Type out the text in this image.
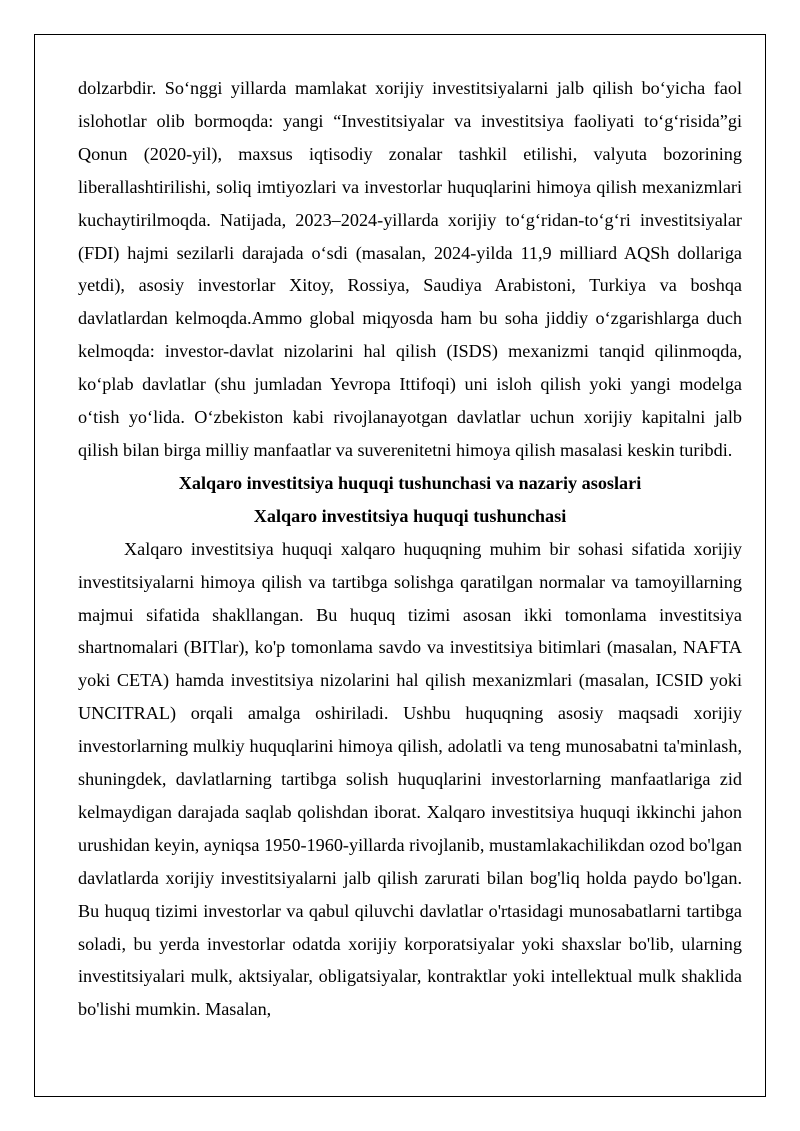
dolzarbdir. So‘nggi yillarda mamlakat xorijiy investitsiyalarni jalb qilish bo‘yicha faol islohotlar olib bormoqda: yangi “Investitsiyalar va investitsiya faoliyati to‘g‘risida”gi Qonun (2020-yil), maxsus iqtisodiy zonalar tashkil etilishi, valyuta bozorining liberallashtirilishi, soliq imtiyozlari va investorlar huquqlarini himoya qilish mexanizmlari kuchaytirilmoqda. Natijada, 2023–2024-yillarda xorijiy to‘g‘ridan-to‘g‘ri investitsiyalar (FDI) hajmi sezilarli darajada o‘sdi (masalan, 2024-yilda 11,9 milliard AQSh dollariga yetdi), asosiy investorlar Xitoy, Rossiya, Saudiya Arabistoni, Turkiya va boshqa davlatlardan kelmoqda.Ammo global miqyosda ham bu soha jiddiy o‘zgarishlarga duch kelmoqda: investor-davlat nizolarini hal qilish (ISDS) mexanizmi tanqid qilinmoqda, ko‘plab davlatlar (shu jumladan Yevropa Ittifoqi) uni isloh qilish yoki yangi modelga o‘tish yo‘lida. O‘zbekiston kabi rivojlanayotgan davlatlar uchun xorijiy kapitalni jalb qilish bilan birga milliy manfaatlar va suverenitetni himoya qilish masalasi keskin turibdi.

Xalqaro investitsiya huquqi tushunchasi va nazariy asoslari

Xalqaro investitsiya huquqi tushunchasi

Xalqaro investitsiya huquqi xalqaro huquqning muhim bir sohasi sifatida xorijiy investitsiyalarni himoya qilish va tartibga solishga qaratilgan normalar va tamoyillarning majmui sifatida shakllangan. Bu huquq tizimi asosan ikki tomonlama investitsiya shartnomalari (BITlar), ko'p tomonlama savdo va investitsiya bitimlari (masalan, NAFTA yoki CETA) hamda investitsiya nizolarini hal qilish mexanizmlari (masalan, ICSID yoki UNCITRAL) orqali amalga oshiriladi. Ushbu huquqning asosiy maqsadi xorijiy investorlarning mulkiy huquqlarini himoya qilish, adolatli va teng munosabatni ta'minlash, shuningdek, davlatlarning tartibga solish huquqlarini investorlarning manfaatlariga zid kelmaydigan darajada saqlab qolishdan iborat. Xalqaro investitsiya huquqi ikkinchi jahon urushidan keyin, ayniqsa 1950-1960-yillarda rivojlanib, mustamlakachilikdan ozod bo'lgan davlatlarda xorijiy investitsiyalarni jalb qilish zarurati bilan bog'liq holda paydo bo'lgan. Bu huquq tizimi investorlar va qabul qiluvchi davlatlar o'rtasidagi munosabatlarni tartibga soladi, bu yerda investorlar odatda xorijiy korporatsiyalar yoki shaxslar bo'lib, ularning investitsiyalari mulk, aktsiyalar, obligatsiyalar, kontraktlar yoki intellektual mulk shaklida bo'lishi mumkin. Masalan,
